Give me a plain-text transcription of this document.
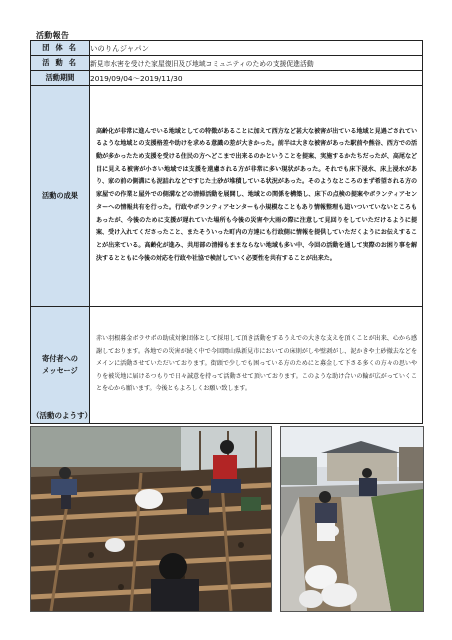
活動報告
団 体 名	いのりんジャパン
活 動 名	新見市水害を受けた家屋復旧及び地域コミュニティのための支援促進活動
活動期間	2019/09/04～2019/11/30
活動の成果	高齢化が非常に進んでいる地域としての特徴があることに加えて西方など甚大な被害が出ている地域と見過ごされているような地域との支援格差や助けを求める意識の差が大きかった。前半は大きな被害があった駅前や熊谷、西方での活動が多かったため支援を受ける住民の方へどこまで出来るのかということを提案、実施するかたちだったが、高尾など目に見える被害が小さい地域では支援を遠慮される方が非常に多い現状があった。それでも床下浸水、床上浸水があり、家の前の側溝にも泥詰れなどですじた土砂が堆積している状況があった。そのようなところのまず希望される方の家屋での作業と屋外での側溝などの清掃活動を展開し、地域との関係を構築し、床下の点検の提案やボランティアセンターへの情報共有を行った。行政やボランティアセンターも小規模なこともあり情報整理も追いついていないところもあったが、今後のために支援が遅れていた場所も今後の災害や大雨の際に注意して見回りをしていただけるように提案、受け入れてくださったこと、またそういった町内の方達にも行政側に情報を提供していただくようにお伝えすることが出来ている。高齢化が進み、共用部の清掃もままならない地域も多い中、今回の活動を通して実際のお困り事を解決するとともに今後の対応を行政や社協で検討していく必要性を共有することが出来た。

寄付者への
メッセージ	赤い羽根募金ボラサポの助成対象団体として採用して頂き活動をするうえでの大きな支えを頂くことが出来、心から感謝しております。各地での災害が続く中で今回岡山県新見市においての床則がしや壁剥がし、泥かきや土砂撤去などをメインに活動させていただいております。街頭で少しでも困っている方のためにと募金して下さる多くの方々の思いやりを被災地に届けるつもりで日々誠意を持って活動させて頂いております。このような助け合いの輪が広がっていくことを心から願います。今後ともよろしくお願い致します。
（活動のようす）
